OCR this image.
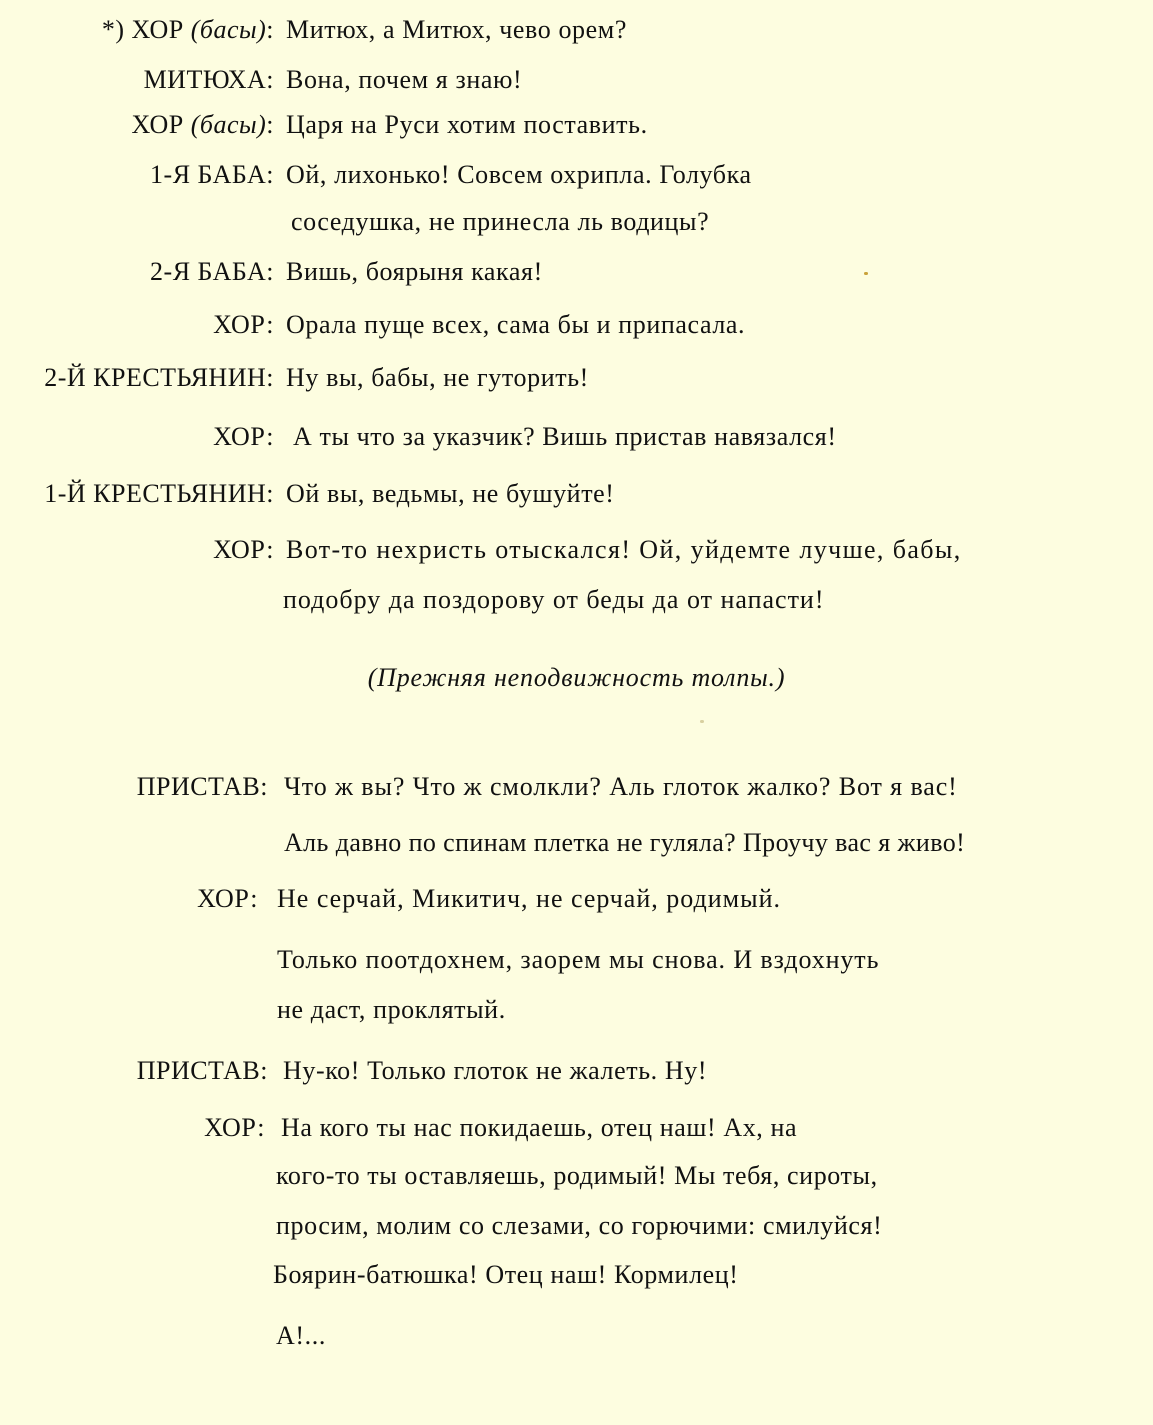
*) ХОР (басы): Митюх, а Митюх, чево орем?
МИТЮХА: Вона, почем я знаю!
ХОР (басы): Царя на Руси хотим поставить.
1-Я БАБА: Ой, лихонько! Совсем охрипла. Голубка
соседушка, не принесла ль водицы?
2-Я БАБА: Вишь, боярыня какая!
ХОР: Орала пуще всех, сама бы и припасала.
2-Й КРЕСТЬЯНИН: Ну вы, бабы, не гуторить!
ХОР: А ты что за указчик? Вишь пристав навязался!
1-Й КРЕСТЬЯНИН: Ой вы, ведьмы, не бушуйте!
ХОР: Вот-то нехристь отыскался! Ой, уйдемте лучше, бабы,
подобру да поздорову от беды да от напасти!
(Прежняя неподвижность толпы.)
ПРИСТАВ: Что ж вы? Что ж смолкли? Аль глоток жалко? Вот я вас!
Аль давно по спинам плетка не гуляла? Проучу вас я живо!
ХОР: Не серчай, Микитич, не серчай, родимый.
Только поотдохнем, заорем мы снова. И вздохнуть
не даст, проклятый.
ПРИСТАВ: Ну-ко! Только глоток не жалеть. Ну!
ХОР: На кого ты нас покидаешь, отец наш! Ах, на
кого-то ты оставляешь, родимый! Мы тебя, сироты,
просим, молим со слезами, со горючими: смилуйся!
Боярин-батюшка! Отец наш! Кормилец!
А!...
